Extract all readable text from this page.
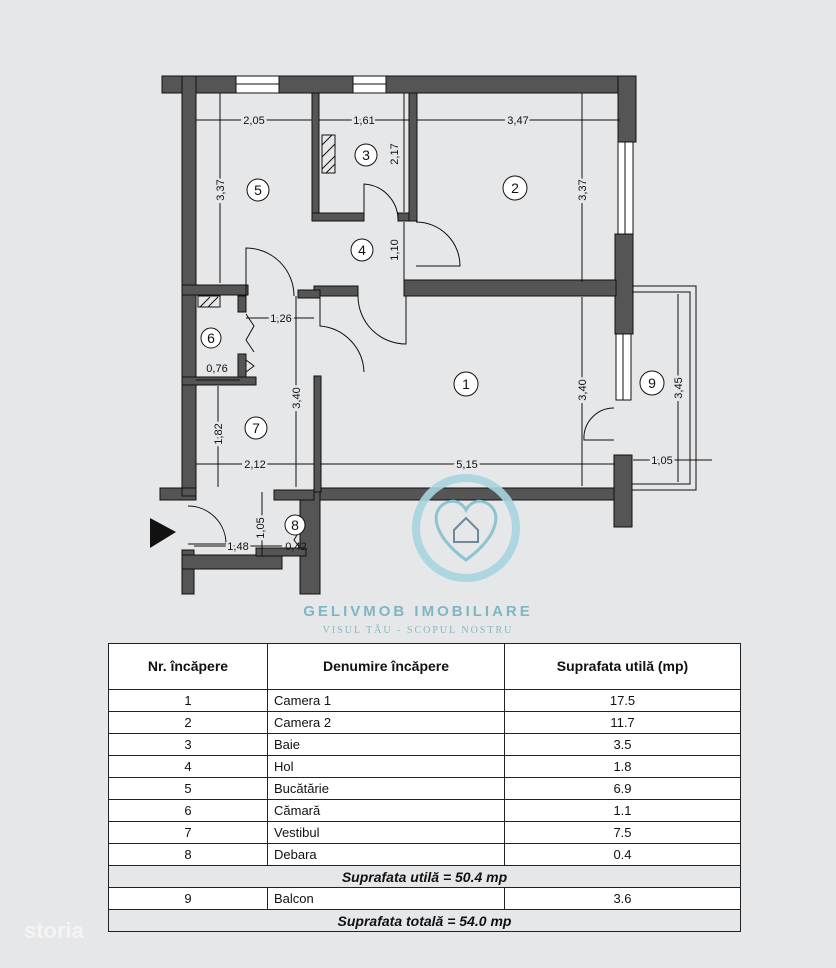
1
2
3
4
5
6
7
8
9
2,05	1,61	3,47
3,37
2,17
3,37
1,10
1,26
3,40	3,40	3,45
0,76
1,82
2,12	5,15	1,05
1,48
1,05
0,42
GELIVMOB IMOBILIARE
VISUL TĂU - SCOPUL NOSTRU
Nr. încăpere	Denumire încăpere	Suprafata utilă (mp)
1	Camera 1	17.5
2	Camera 2	11.7
3	Baie	3.5
4	Hol	1.8
5	Bucătărie	6.9
6	Cămară	1.1
7	Vestibul	7.5
8	Debara	0.4
Suprafata utilă = 50.4 mp		
9	Balcon	3.6
Suprafata totală = 54.0 mp		
storia
